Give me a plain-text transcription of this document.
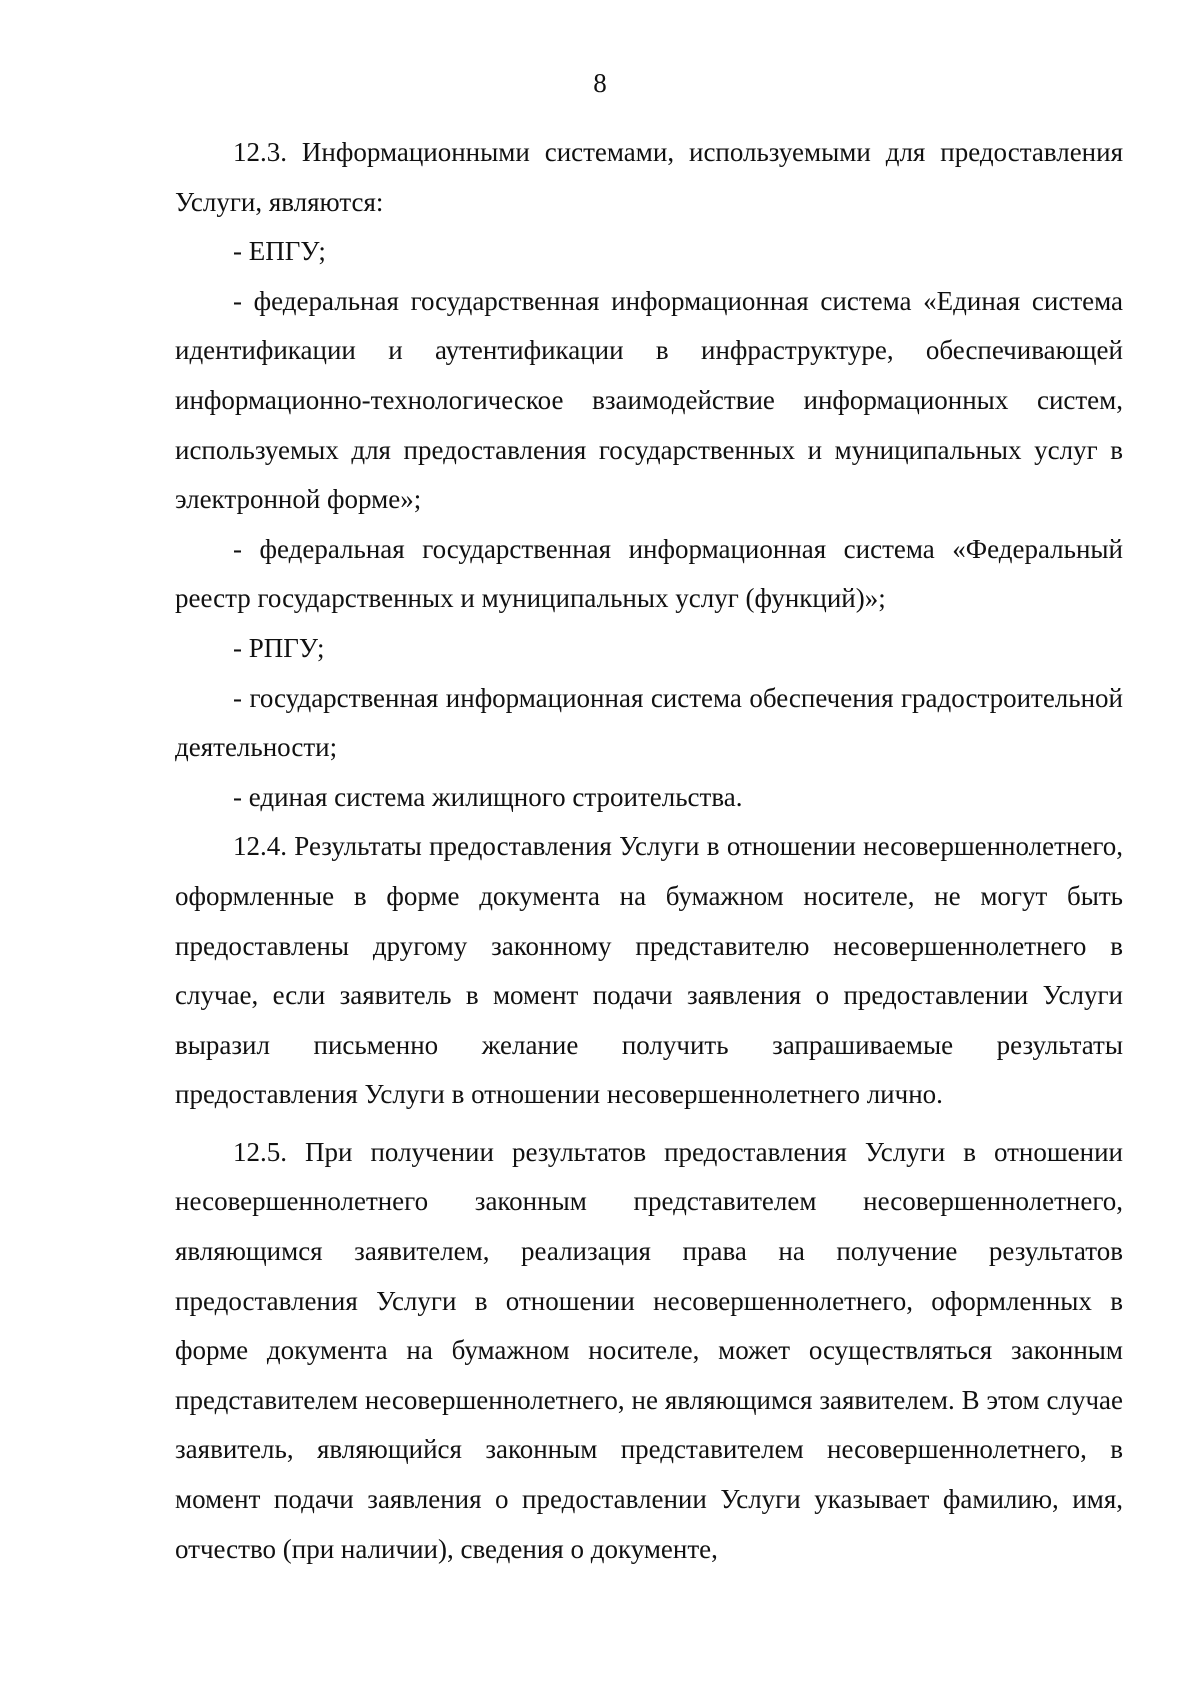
8

12.3. Информационными системами, используемыми для предоставления Услуги, являются:

- ЕПГУ;

- федеральная государственная информационная система «Единая система идентификации и аутентификации в инфраструктуре, обеспечивающей информационно-технологическое взаимодействие информационных систем, используемых для предоставления государственных и муниципальных услуг в электронной форме»;

- федеральная государственная информационная система «Федеральный реестр государственных и муниципальных услуг (функций)»;

- РПГУ;

- государственная информационная система обеспечения градостроительной деятельности;

- единая система жилищного строительства.

12.4. Результаты предоставления Услуги в отношении несовершеннолетнего, оформленные в форме документа на бумажном носителе, не могут быть предоставлены другому законному представителю несовершеннолетнего в случае, если заявитель в момент подачи заявления о предоставлении Услуги выразил письменно желание получить запрашиваемые результаты предоставления Услуги в отношении несовершеннолетнего лично.

12.5. При получении результатов предоставления Услуги в отношении несовершеннолетнего законным представителем несовершеннолетнего, являющимся заявителем, реализация права на получение результатов предоставления Услуги в отношении несовершеннолетнего, оформленных в форме документа на бумажном носителе, может осуществляться законным представителем несовершеннолетнего, не являющимся заявителем. В этом случае заявитель, являющийся законным представителем несовершеннолетнего, в момент подачи заявления о предоставлении Услуги указывает фамилию, имя, отчество (при наличии), сведения о документе,
